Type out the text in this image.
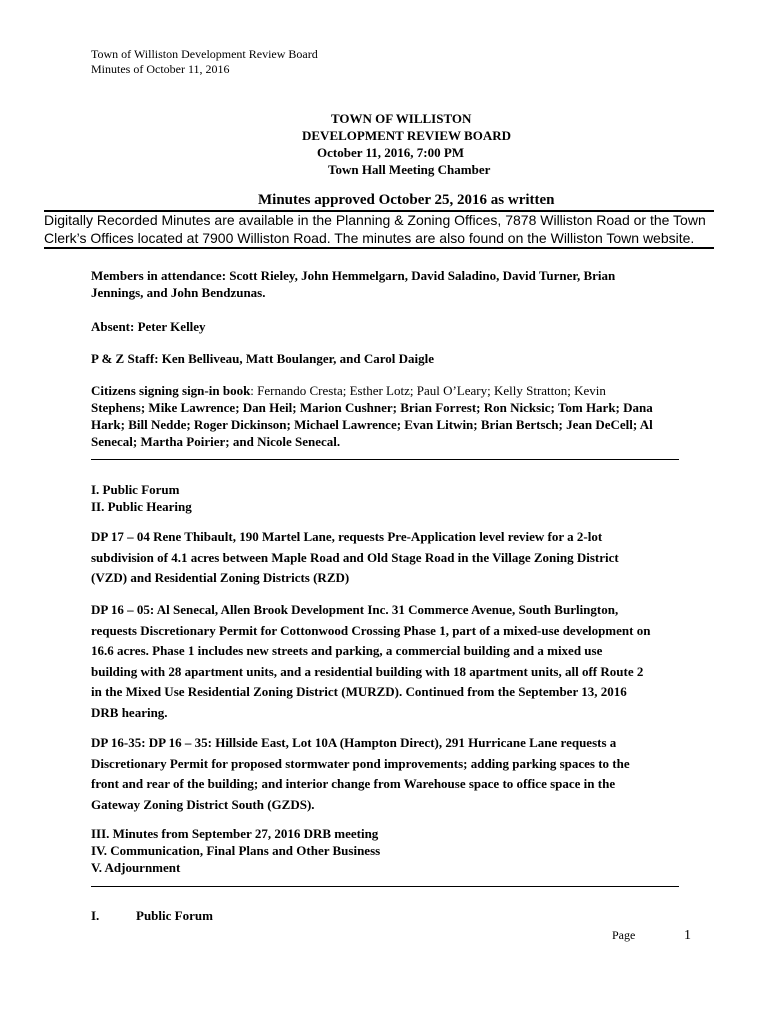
Town of Williston Development Review Board
Minutes of October 11, 2016
TOWN OF WILLISTON
DEVELOPMENT REVIEW BOARD
October 11, 2016, 7:00 PM
Town Hall Meeting Chamber
Minutes approved October 25, 2016 as written
Digitally Recorded Minutes are available in the Planning & Zoning Offices, 7878 Williston Road or the Town
Clerk’s Offices located at 7900 Williston Road. The minutes are also found on the Williston Town website.
Members in attendance: Scott Rieley, John Hemmelgarn, David Saladino, David Turner, Brian
Jennings, and John Bendzunas.
Absent: Peter Kelley
P & Z Staff: Ken Belliveau, Matt Boulanger, and Carol Daigle
Citizens signing sign-in book: Fernando Cresta; Esther Lotz; Paul O’Leary; Kelly Stratton; Kevin
Stephens; Mike Lawrence; Dan Heil; Marion Cushner; Brian Forrest; Ron Nicksic; Tom Hark; Dana
Hark; Bill Nedde; Roger Dickinson; Michael Lawrence; Evan Litwin; Brian Bertsch; Jean DeCell; Al
Senecal; Martha Poirier; and Nicole Senecal.
I. Public Forum
II. Public Hearing
DP 17 – 04 Rene Thibault, 190 Martel Lane, requests Pre-Application level review for a 2-lot
subdivision of 4.1 acres between Maple Road and Old Stage Road in the Village Zoning District
(VZD) and Residential Zoning Districts (RZD)
DP 16 – 05: Al Senecal, Allen Brook Development Inc. 31 Commerce Avenue, South Burlington,
requests Discretionary Permit for Cottonwood Crossing Phase 1, part of a mixed-use development on
16.6 acres. Phase 1 includes new streets and parking, a commercial building and a mixed use
building with 28 apartment units, and a residential building with 18 apartment units, all off Route 2
in the Mixed Use Residential Zoning District (MURZD). Continued from the September 13, 2016
DRB hearing.
DP 16-35: DP 16 – 35: Hillside East, Lot 10A (Hampton Direct), 291 Hurricane Lane requests a
Discretionary Permit for proposed stormwater pond improvements; adding parking spaces to the
front and rear of the building; and interior change from Warehouse space to office space in the
Gateway Zoning District South (GZDS).
III. Minutes from September 27, 2016 DRB meeting
IV. Communication, Final Plans and Other Business
V. Adjournment
I.	Public Forum
Page	1
